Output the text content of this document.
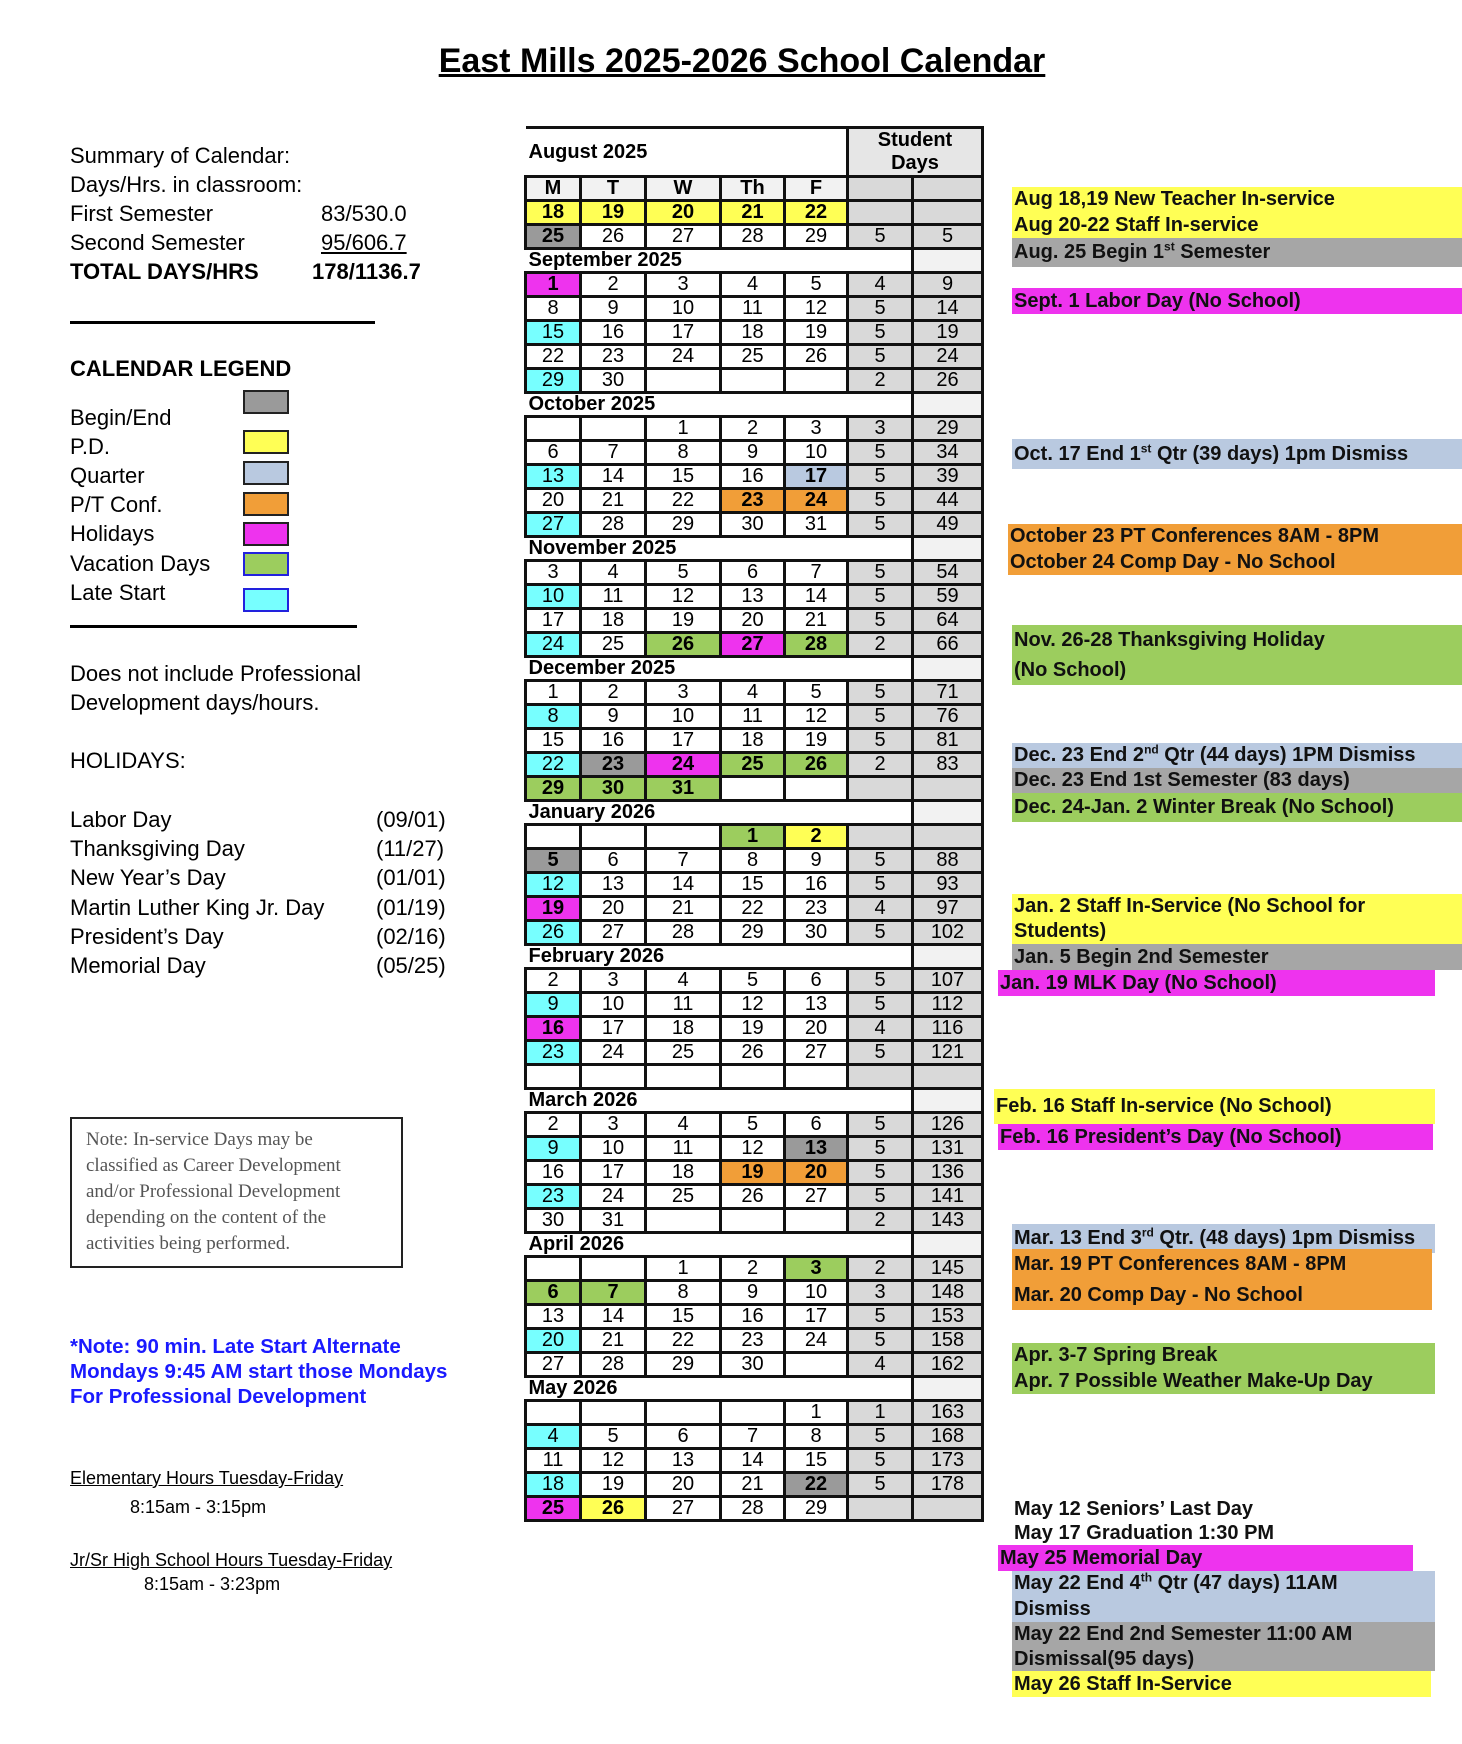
East Mills 2025-2026 School Calendar
Summary of Calendar:
Days/Hrs. in classroom:
First Semester	83/530.0
Second Semester	95/606.7
TOTAL DAYS/HRS 178/1136.7
CALENDAR LEGEND
Begin/End
P.D.
Quarter
P/T Conf.
Holidays
Vacation Days
Late Start
Does not include Professional
Development days/hours.
HOLIDAYS:
Labor Day	(09/01)
Thanksgiving Day	(11/27)
New Year’s Day	(01/01)
Martin Luther King Jr. Day (01/19)
President’s Day	(02/16)
Memorial Day	(05/25)
Note: In-service Days may be classified as Career Development and/or Professional Development depending on the content of the activities being performed.
*Note: 90 min. Late Start Alternate
Mondays 9:45 AM start those Mondays
For Professional Development
Elementary Hours Tuesday-Friday
8:15am - 3:15pm
Jr/Sr High School Hours Tuesday-Friday
8:15am - 3:23pm
August 2025					Student Days	
M	T	W	Th	F		
18	19	20	21	22		
25	26	27	28	29	5	5
September 2025						
1	2	3	4	5	4	9
8	9	10	11	12	5	14
15	16	17	18	19	5	19
22	23	24	25	26	5	24
29	30				2	26
October 2025						
		1	2	3	3	29
6	7	8	9	10	5	34
13	14	15	16	17	5	39
20	21	22	23	24	5	44
27	28	29	30	31	5	49
November 2025						
3	4	5	6	7	5	54
10	11	12	13	14	5	59
17	18	19	20	21	5	64
24	25	26	27	28	2	66
December 2025						
1	2	3	4	5	5	71
8	9	10	11	12	5	76
15	16	17	18	19	5	81
22	23	24	25	26	2	83
29	30	31				
January 2026						
			1	2		
5	6	7	8	9	5	88
12	13	14	15	16	5	93
19	20	21	22	23	4	97
26	27	28	29	30	5	102
February 2026						
2	3	4	5	6	5	107
9	10	11	12	13	5	112
16	17	18	19	20	4	116
23	24	25	26	27	5	121

March 2026						
2	3	4	5	6	5	126
9	10	11	12	13	5	131
16	17	18	19	20	5	136
23	24	25	26	27	5	141
30	31				2	143
April 2026						
		1	2	3	2	145
6	7	8	9	10	3	148
13	14	15	16	17	5	153
20	21	22	23	24	5	158
27	28	29	30		4	162
May 2026						
				1	1	163
4	5	6	7	8	5	168
11	12	13	14	15	5	173
18	19	20	21	22	5	178
25	26	27	28	29		
Aug 18,19 New Teacher In-service
Aug 20-22 Staff In-service
Aug. 25 Begin 1st Semester
Sept. 1 Labor Day (No School)
Oct. 17 End 1st Qtr (39 days) 1pm Dismiss
October 23 PT Conferences 8AM - 8PM
October 24 Comp Day - No School
Nov. 26-28 Thanksgiving Holiday
(No School)
Dec. 23 End 2nd Qtr (44 days) 1PM Dismiss
Dec. 23 End 1st Semester (83 days)
Dec. 24-Jan. 2 Winter Break (No School)
Jan. 2 Staff In-Service (No School for
Students)
Jan. 5 Begin 2nd Semester
Jan. 19 MLK Day (No School)
Feb. 16 Staff In-service (No School)
Feb. 16 President’s Day (No School)
Mar. 13 End 3rd Qtr. (48 days) 1pm Dismiss
Mar. 19 PT Conferences 8AM - 8PM
Mar. 20 Comp Day - No School
Apr. 3-7 Spring Break
Apr. 7 Possible Weather Make-Up Day
May 12 Seniors’ Last Day
May 17 Graduation 1:30 PM
May 25 Memorial Day
May 22 End 4th Qtr (47 days) 11AM
Dismiss
May 22 End 2nd Semester 11:00 AM
Dismissal(95 days)
May 26 Staff In-Service
